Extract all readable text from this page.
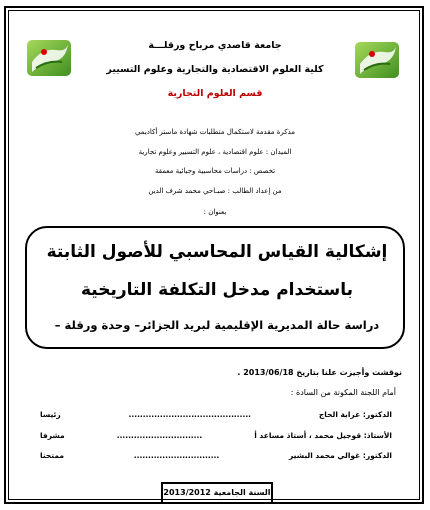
جامعة قاصدي مرباح ورقلـــة
كلية العلوم الاقتصادية والتجارية وعلوم التسيير
قسم العلوم التجارية
مذكرة مقدمة لاستكمال متطلبات شهادة ماستر أكاديمي
الميدان : علوم اقتصادية ، علوم التسيير وعلوم تجارية
تخصص : دراسات محاسبية وجبائية معمقة
من إعداد الطالب : صبـاحي محمد شرف الدين
بعنوان :
إشكالية القياس المحاسبي للأصول الثابتة
باستخدام مدخل التكلفة التاريخية
دراسة حالة المديرية الإقليمية لبريد الجزائر– وحدة ورقلة –
نوقشت وأجيزت علنا بتاريخ 2013/06/18 .
أمام اللجنة المكونة من السادة :
الدكتور: عرابة الحاج
...........................................
رئيسا
الأستاذ: قوجيل محمد ، أستاذ مساعد أ
..............................
مشرفا
الدكتور: غوالي محمد البشير
..............................
ممتحنا
السنة الجامعية 2013/2012
